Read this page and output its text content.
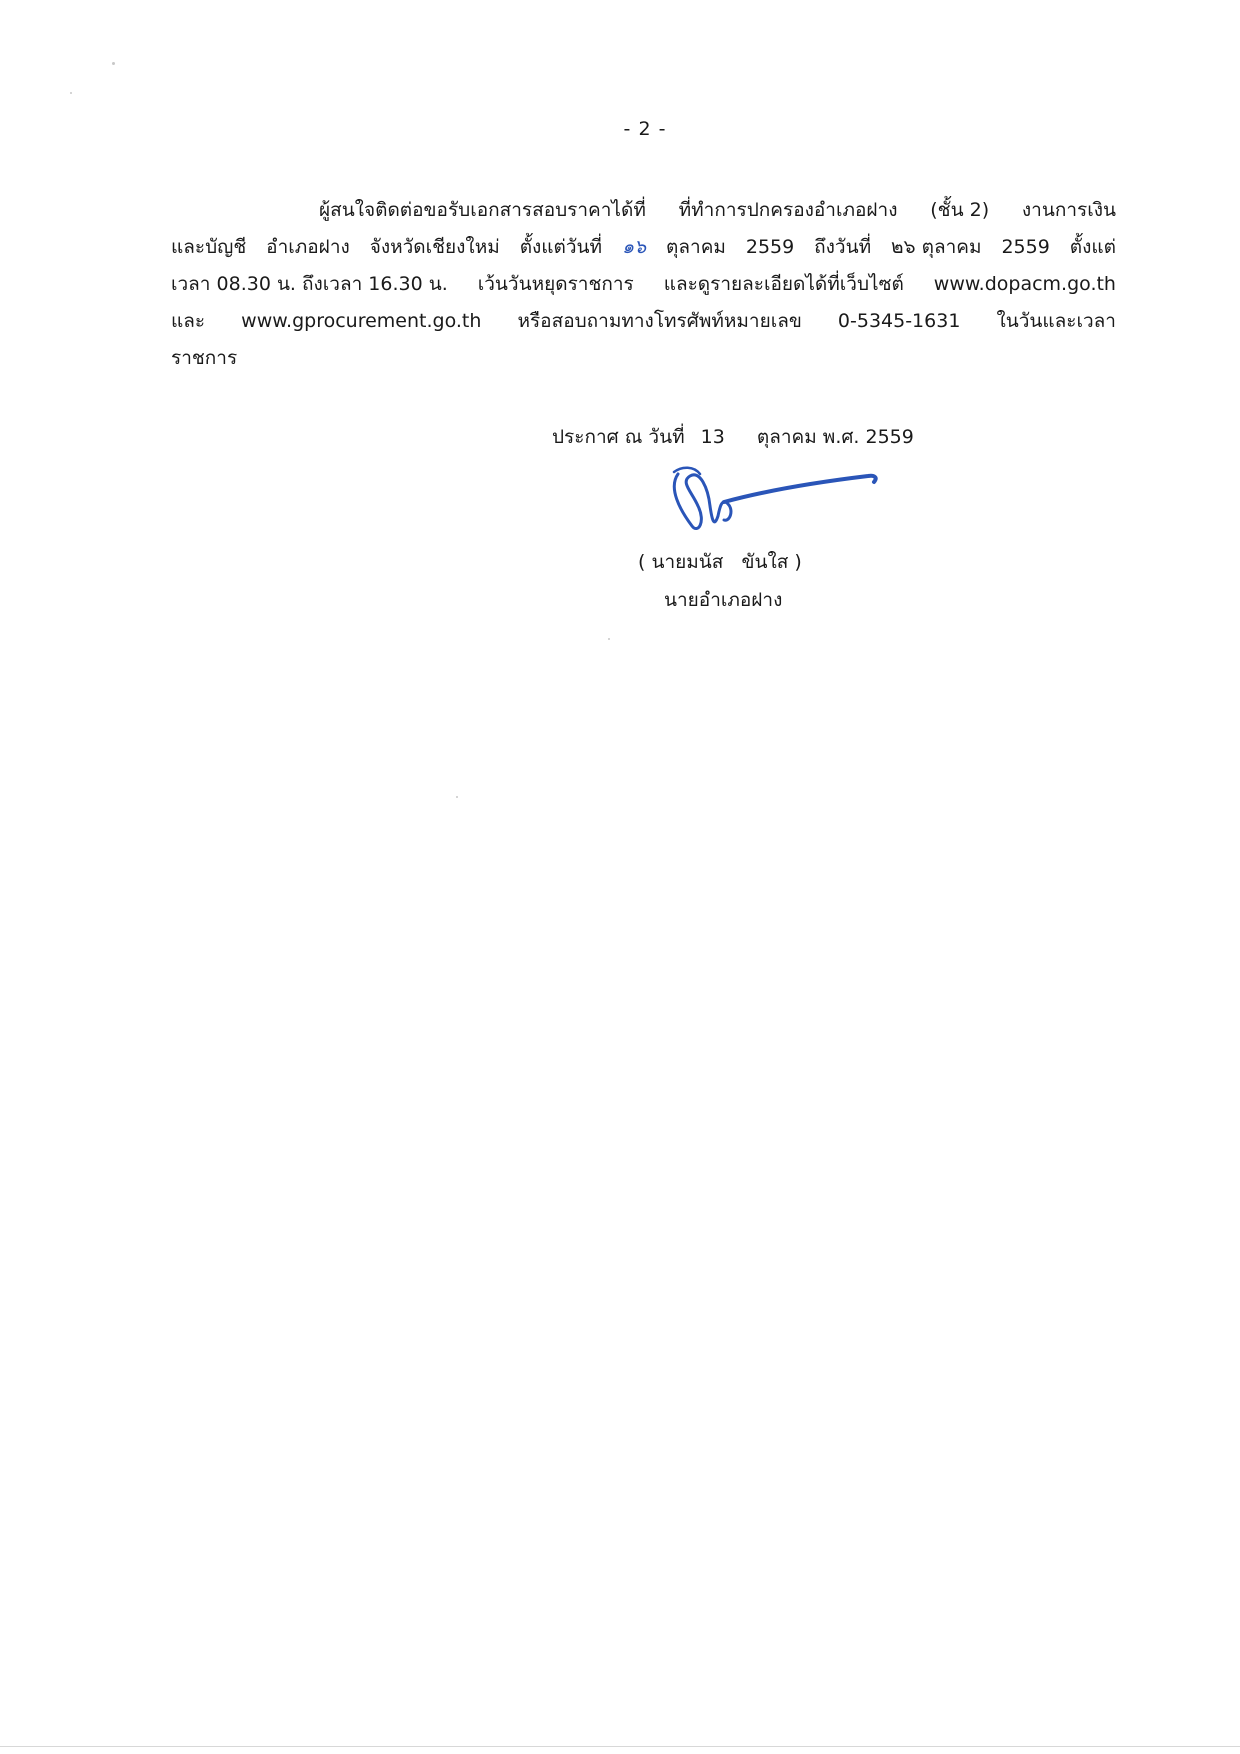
- 2 -
ผู้สนใจติดต่อขอรับเอกสารสอบราคาได้ที่ ที่ทำการปกครองอำเภอฝาง (ชั้น 2) งานการเงิน
และบัญชี อำเภอฝาง จังหวัดเชียงใหม่ ตั้งแต่วันที่ ๑๖ ตุลาคม 2559 ถึงวันที่ ๒๖ ตุลาคม 2559 ตั้งแต่
เวลา 08.30 น. ถึงเวลา 16.30 น. เว้นวันหยุดราชการ และดูรายละเอียดได้ที่เว็บไซต์ www.dopacm.go.th
และ www.gprocurement.go.th หรือสอบถามทางโทรศัพท์หมายเลข 0-5345-1631 ในวันและเวลา
ราชการ
ประกาศ ณ วันที่ 13 ตุลาคม พ.ศ. 2559
( นายมนัส   ขันใส )
นายอำเภอฝาง
